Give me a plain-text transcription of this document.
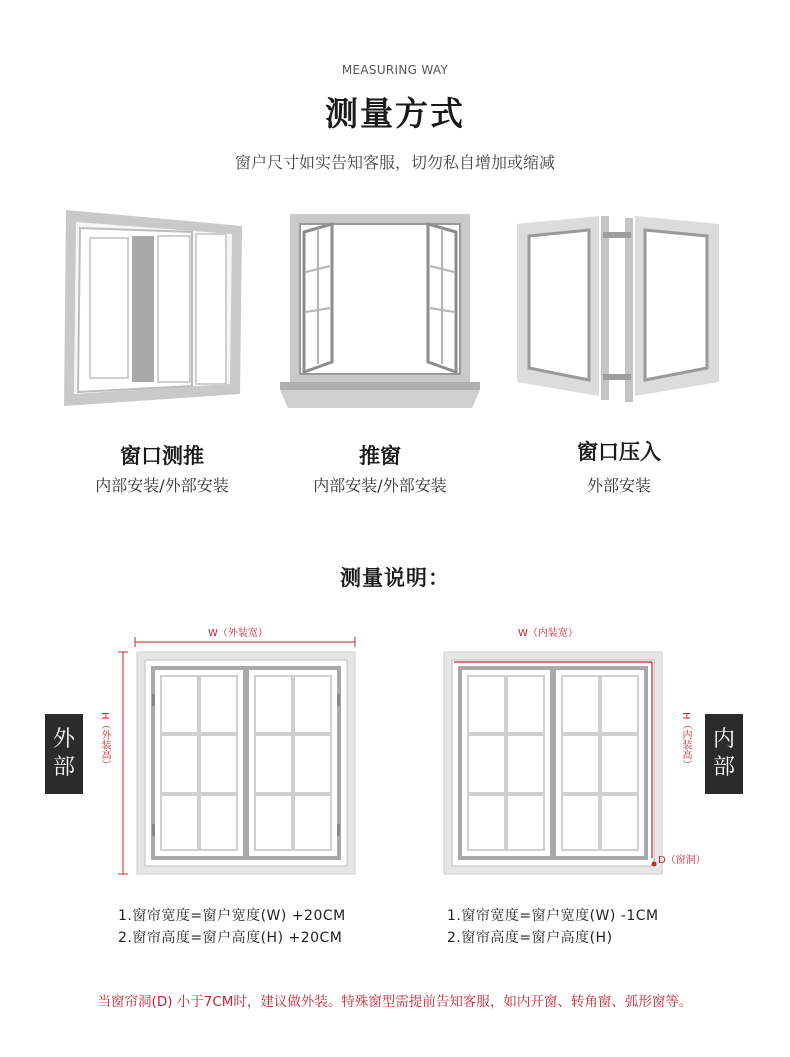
MEASURING WAY
测量方式
窗户尺寸如实告知客服，切勿私自增加或缩减
窗口测推
内部安装/外部安装
推窗
内部安装/外部安装
窗口压入
外部安装
测量说明：
W（外装宽）
H（外装高）
外
部
1.窗帘宽度=窗户宽度(W) +20CM
2.窗帘高度=窗户高度(H) +20CM
W（内装宽）
H（内装高）
D（窗洞）
内
部
1.窗帘宽度=窗户宽度(W) -1CM
2.窗帘高度=窗户高度(H)
当窗帘洞(D) 小于7CM时，建议做外装。特殊窗型需提前告知客服，如内开窗、转角窗、弧形窗等。
